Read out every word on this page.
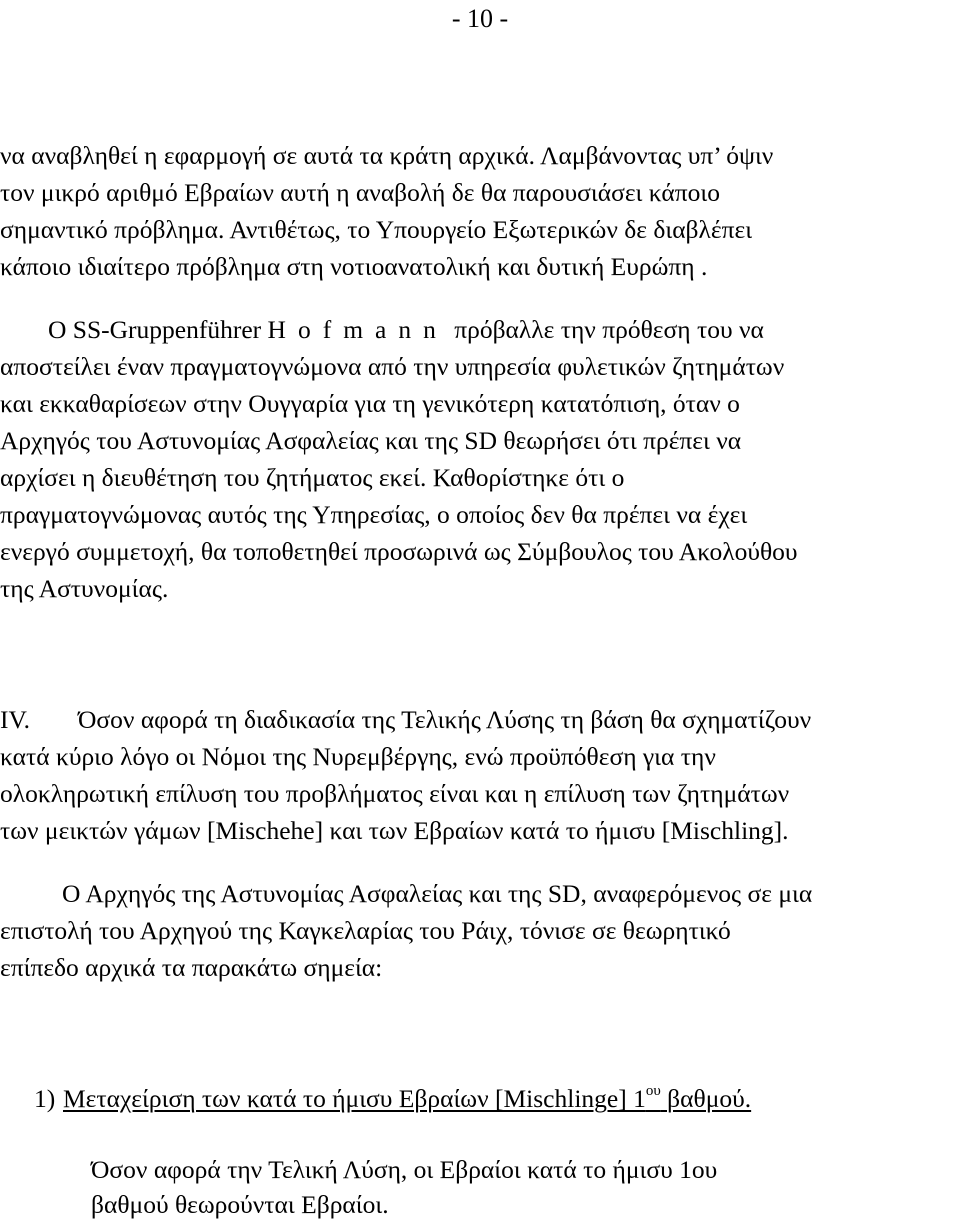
- 10 -

να αναβληθεί η εφαρμογή σε αυτά τα κράτη αρχικά. Λαμβάνοντας υπ’ όψιν

τον μικρό αριθμό Εβραίων αυτή η αναβολή δε θα παρουσιάσει κάποιο

σημαντικό πρόβλημα. Αντιθέτως, το Υπουργείο Εξωτερικών δε διαβλέπει

κάποιο ιδιαίτερο πρόβλημα στη νοτιοανατολική και δυτική Ευρώπη .

O SS-Gruppenführer Hofmann πρόβαλλε την πρόθεση του να

αποστείλει έναν πραγματογνώμονα από την υπηρεσία φυλετικών ζητημάτων

και εκκαθαρίσεων στην Ουγγαρία για τη γενικότερη κατατόπιση, όταν ο

Αρχηγός του Αστυνομίας Ασφαλείας και της SD θεωρήσει ότι πρέπει να

αρχίσει η διευθέτηση του ζητήματος εκεί. Καθορίστηκε ότι ο

πραγματογνώμονας αυτός της Υπηρεσίας, ο οποίος δεν θα πρέπει να έχει

ενεργό συμμετοχή, θα τοποθετηθεί προσωρινά ως Σύμβουλος του Ακολούθου

της Αστυνομίας.

IV. Όσον αφορά τη διαδικασία της Τελικής Λύσης τη βάση θα σχηματίζουν

κατά κύριο λόγο οι Νόμοι της Νυρεμβέργης, ενώ προϋπόθεση για την

ολοκληρωτική επίλυση του προβλήματος είναι και η επίλυση των ζητημάτων

των μεικτών γάμων [Mischehe] και των Εβραίων κατά το ήμισυ [Mischling].

Ο Αρχηγός της Αστυνομίας Ασφαλείας και της SD, αναφερόμενος σε μια

επιστολή του Αρχηγού της Καγκελαρίας του Ράιχ, τόνισε σε θεωρητικό

επίπεδο αρχικά τα παρακάτω σημεία:

1) Μεταχείριση των κατά το ήμισυ Εβραίων [Mischlinge] $1^{o\upsilon}$ βαθμού.

Όσον αφορά την Τελική Λύση, οι Εβραίοι κατά το ήμισυ 1ου

βαθμού θεωρούνται Εβραίοι.
